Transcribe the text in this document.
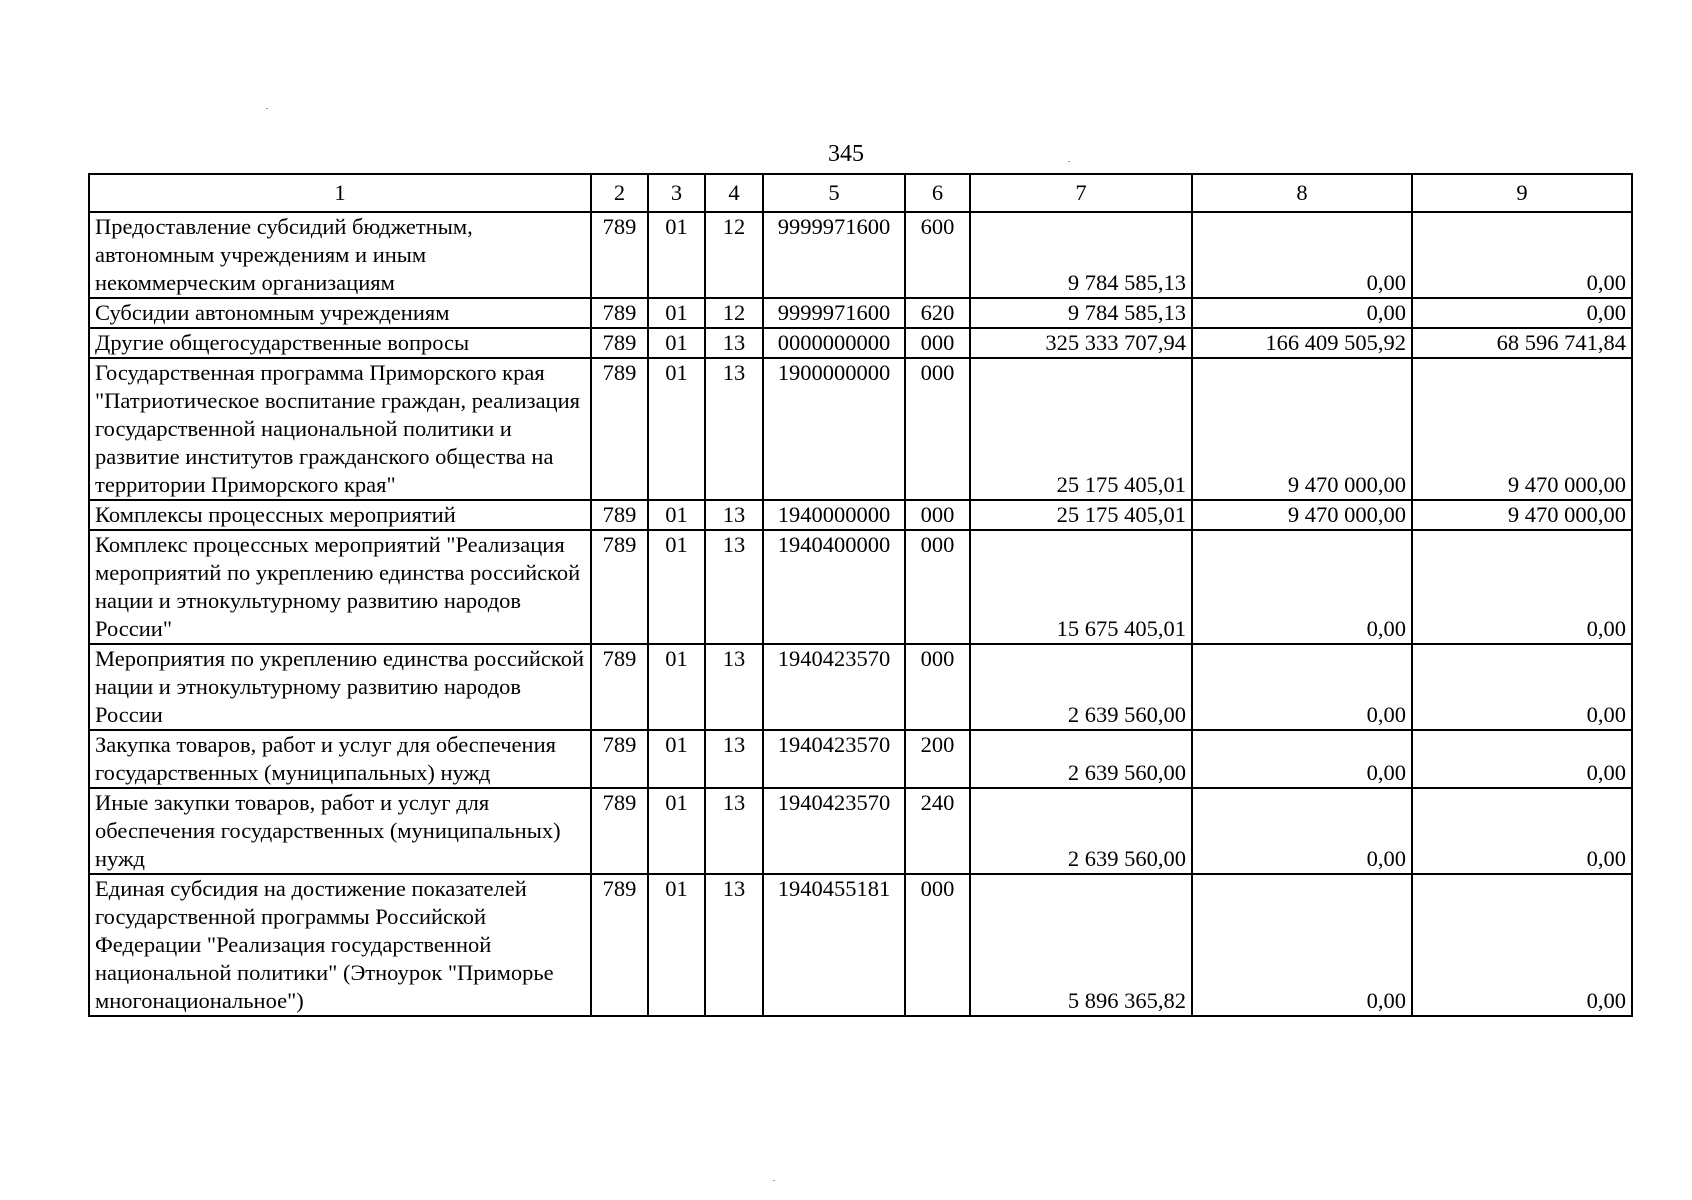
345
1	2	3	4	5	6	7	8	9
Предоставление субсидий бюджетным, автономным учреждениям и иным некоммерческим организациям	789	01	12	9999971600	600	9 784 585,13	0,00	0,00
Субсидии автономным учреждениям	789	01	12	9999971600	620	9 784 585,13	0,00	0,00
Другие общегосударственные вопросы	789	01	13	0000000000	000	325 333 707,94	166 409 505,92	68 596 741,84
Государственная программа Приморского края "Патриотическое воспитание граждан, реализация государственной национальной политики и развитие институтов гражданского общества на территории Приморского края"	789	01	13	1900000000	000	25 175 405,01	9 470 000,00	9 470 000,00
Комплексы процессных мероприятий	789	01	13	1940000000	000	25 175 405,01	9 470 000,00	9 470 000,00
Комплекс процессных мероприятий "Реализация мероприятий по укреплению единства российской нации и этнокультурному развитию народов России"	789	01	13	1940400000	000	15 675 405,01	0,00	0,00
Мероприятия по укреплению единства российской нации и этнокультурному развитию народов России	789	01	13	1940423570	000	2 639 560,00	0,00	0,00
Закупка товаров, работ и услуг для обеспечения государственных (муниципальных) нужд	789	01	13	1940423570	200	2 639 560,00	0,00	0,00
Иные закупки товаров, работ и услуг для обеспечения государственных (муниципальных) нужд	789	01	13	1940423570	240	2 639 560,00	0,00	0,00
Единая субсидия на достижение показателей государственной программы Российской Федерации "Реализация государственной национальной политики" (Этноурок "Приморье многонациональное")	789	01	13	1940455181	000	5 896 365,82	0,00	0,00
